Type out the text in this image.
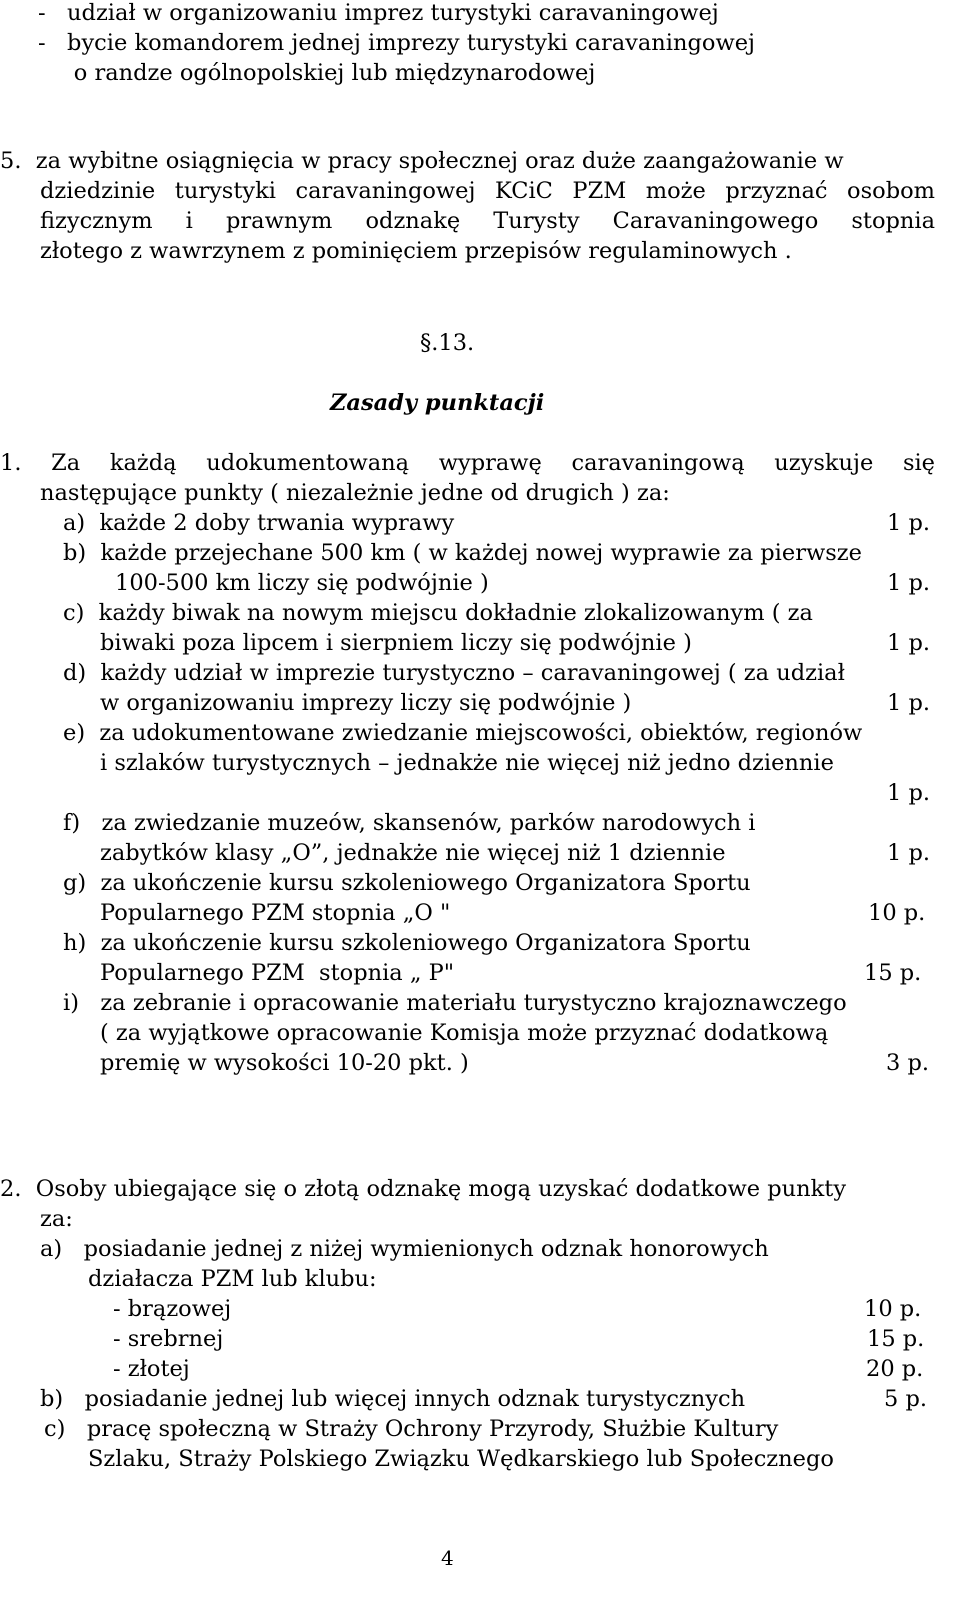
-   udział w organizowaniu imprez turystyki caravaningowej
-   bycie komandorem jednej imprezy turystyki caravaningowej
o randze ogólnopolskiej lub międzynarodowej
5.  za wybitne osiągnięcia w pracy społecznej oraz duże zaangażowanie w
dziedzinie turystyki caravaningowej KCiC PZM może przyznać osobom
fizycznym i prawnym odznakę Turysty Caravaningowego stopnia
złotego z wawrzynem z pominięciem przepisów regulaminowych .
§.13.
Zasady punktacji
1. Za każdą udokumentowaną wyprawę caravaningową uzyskuje się
następujące punkty ( niezależnie jedne od drugich ) za:
a)  każde 2 doby trwania wyprawy	1 p.
b)  każde przejechane 500 km ( w każdej nowej wyprawie za pierwsze
100-500 km liczy się podwójnie )	1 p.
c)  każdy biwak na nowym miejscu dokładnie zlokalizowanym ( za
biwaki poza lipcem i sierpniem liczy się podwójnie )	1 p.
d)  każdy udział w imprezie turystyczno – caravaningowej ( za udział
w organizowaniu imprezy liczy się podwójnie )	1 p.
e)  za udokumentowane zwiedzanie miejscowości, obiektów, regionów
i szlaków turystycznych – jednakże nie więcej niż jedno dziennie
1 p.
f)   za zwiedzanie muzeów, skansenów, parków narodowych i
zabytków klasy „O”, jednakże nie więcej niż 1 dziennie	1 p.
g)  za ukończenie kursu szkoleniowego Organizatora Sportu
Popularnego PZM stopnia „O "	10 p.
h)  za ukończenie kursu szkoleniowego Organizatora Sportu
Popularnego PZM  stopnia „ P"	15 p.
i)   za zebranie i opracowanie materiału turystyczno krajoznawczego
( za wyjątkowe opracowanie Komisja może przyznać dodatkową
premię w wysokości 10-20 pkt. )	3 p.
2.  Osoby ubiegające się o złotą odznakę mogą uzyskać dodatkowe punkty
za:
a)   posiadanie jednej z niżej wymienionych odznak honorowych
działacza PZM lub klubu:
- brązowej	10 p.
- srebrnej	15 p.
- złotej	20 p.
b)   posiadanie jednej lub więcej innych odznak turystycznych	5 p.
c)   pracę społeczną w Straży Ochrony Przyrody, Służbie Kultury
Szlaku, Straży Polskiego Związku Wędkarskiego lub Społecznego
4
